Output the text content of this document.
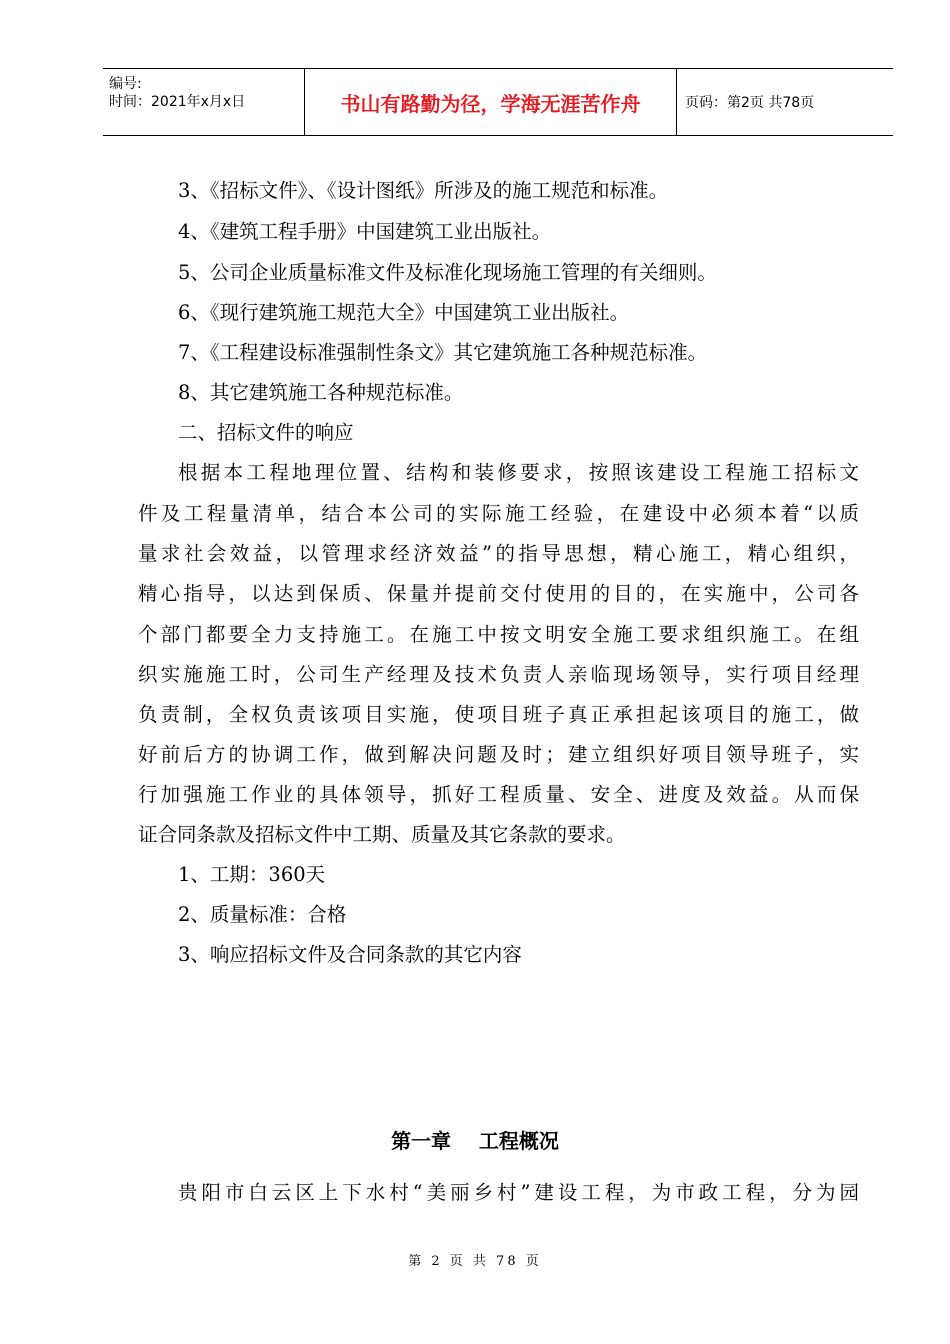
编号:
时间：2021年x月x日	书山有路勤为径，学海无涯苦作舟	页码：第2页 共78页
3、《招标文件》、《设计图纸》所涉及的施工规范和标准。
4、《建筑工程手册》中国建筑工业出版社。
5、公司企业质量标准文件及标准化现场施工管理的有关细则。
6、《现行建筑施工规范大全》中国建筑工业出版社。
7、《工程建设标准强制性条文》其它建筑施工各种规范标准。
8、其它建筑施工各种规范标准。
二、招标文件的响应
根据本工程地理位置、结构和装修要求，按照该建设工程施工招标文
件及工程量清单，结合本公司的实际施工经验，在建设中必须本着“以质
量求社会效益，以管理求经济效益”的指导思想，精心施工，精心组织，
精心指导，以达到保质、保量并提前交付使用的目的，在实施中，公司各
个部门都要全力支持施工。在施工中按文明安全施工要求组织施工。在组
织实施施工时，公司生产经理及技术负责人亲临现场领导，实行项目经理
负责制，全权负责该项目实施，使项目班子真正承担起该项目的施工，做
好前后方的协调工作，做到解决问题及时；建立组织好项目领导班子，实
行加强施工作业的具体领导，抓好工程质量、安全、进度及效益。从而保
证合同条款及招标文件中工期、质量及其它条款的要求。
1、工期：360天
2、质量标准：合格
3、响应招标文件及合同条款的其它内容
第一章    工程概况
贵阳市白云区上下水村“美丽乡村”建设工程，为市政工程，分为园
第 2 页 共 78 页
